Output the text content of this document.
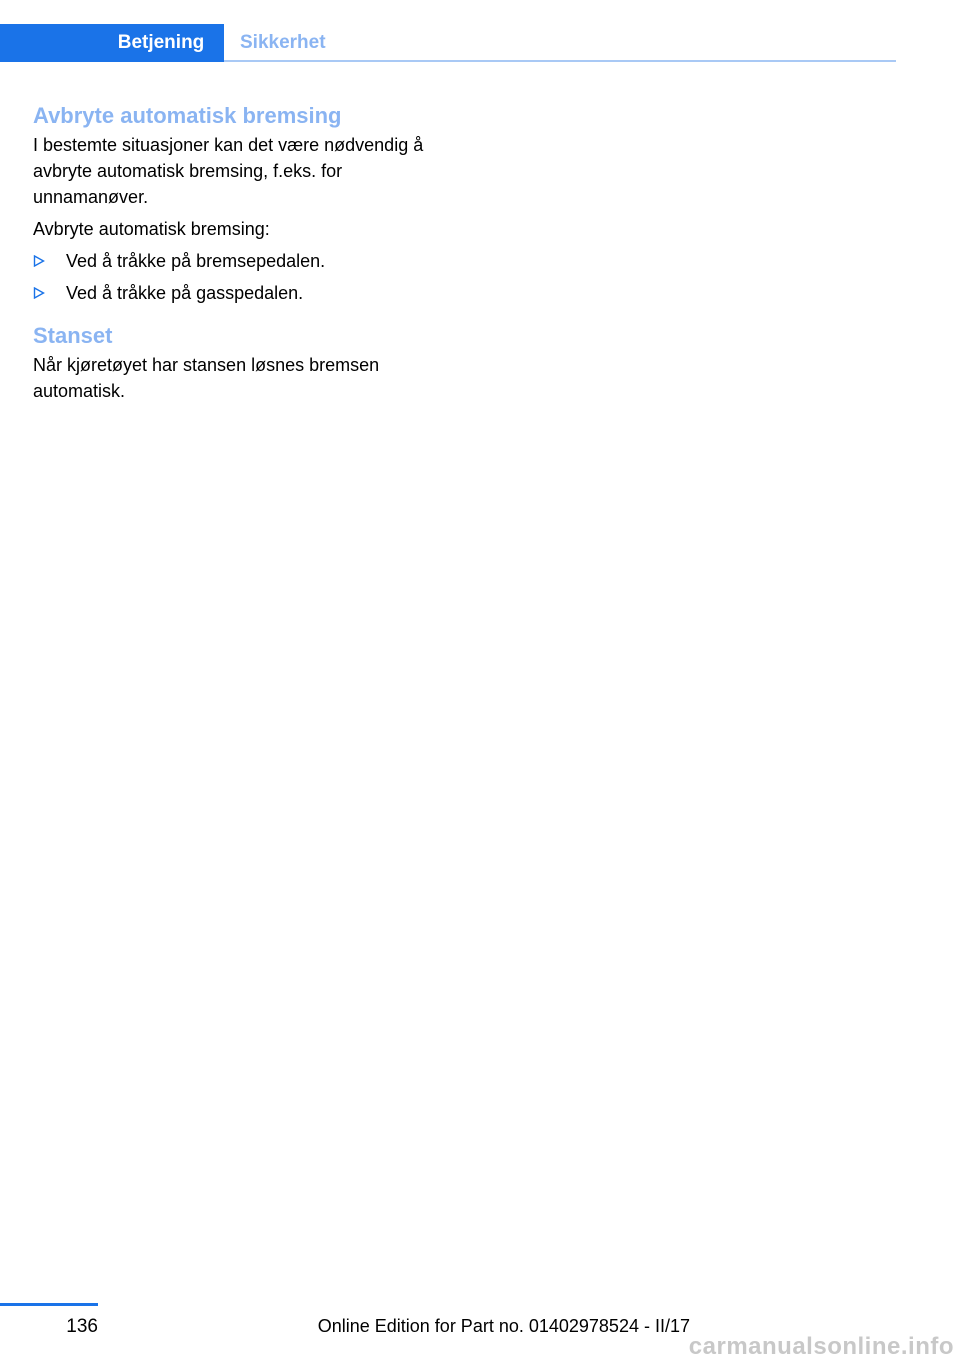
Betjening	Sikkerhet
Avbryte automatisk bremsing

I bestemte situasjoner kan det være nødvendig å avbryte automatisk bremsing, f.eks. for unnamanøver.

Avbryte automatisk bremsing:

Ved å tråkke på bremsepedalen.
Ved å tråkke på gasspedalen.
Stanset

Når kjøretøyet har stansen løsnes bremsen automatisk.

136	Online Edition for Part no. 01402978524 - II/17
carmanualsonline.info
